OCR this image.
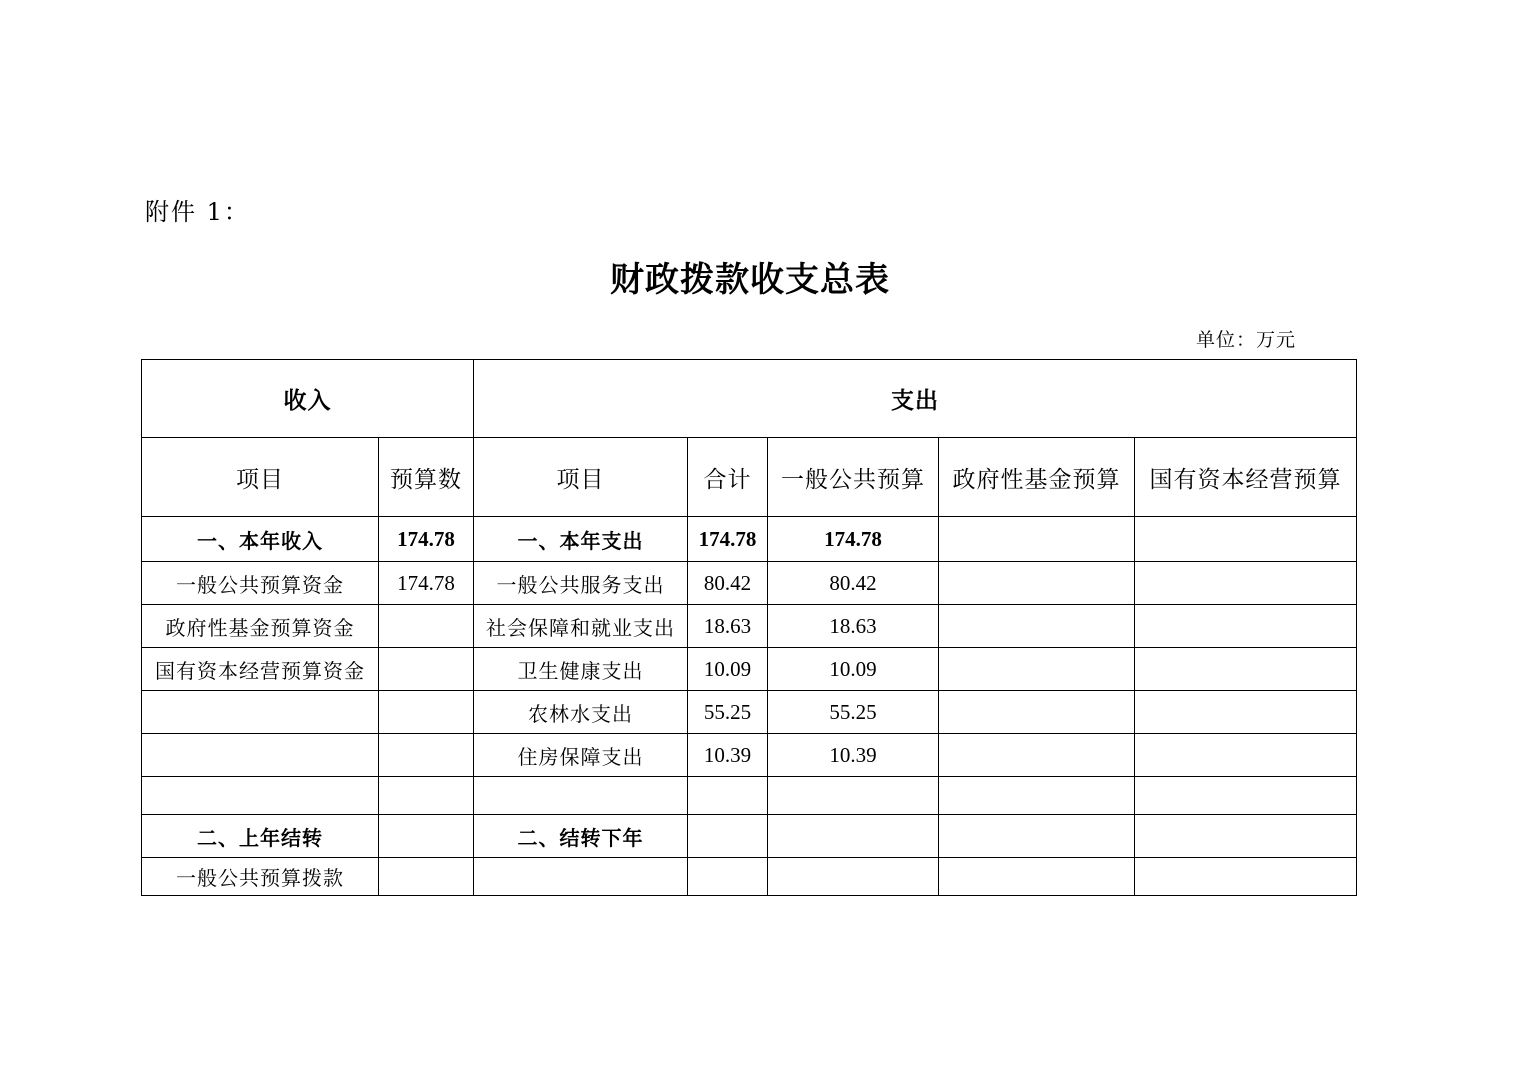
附件 1：
财政拨款收支总表
单位：万元
收入		支出				
项目	预算数	项目	合计	一般公共预算	政府性基金预算	国有资本经营预算
一、本年收入	174.78	一、本年支出	174.78	174.78		
一般公共预算资金	174.78	一般公共服务支出	80.42	80.42		
政府性基金预算资金		社会保障和就业支出	18.63	18.63		
国有资本经营预算资金		卫生健康支出	10.09	10.09		
		农林水支出	55.25	55.25		
		住房保障支出	10.39	10.39		

二、上年结转		二、结转下年				
一般公共预算拨款						
